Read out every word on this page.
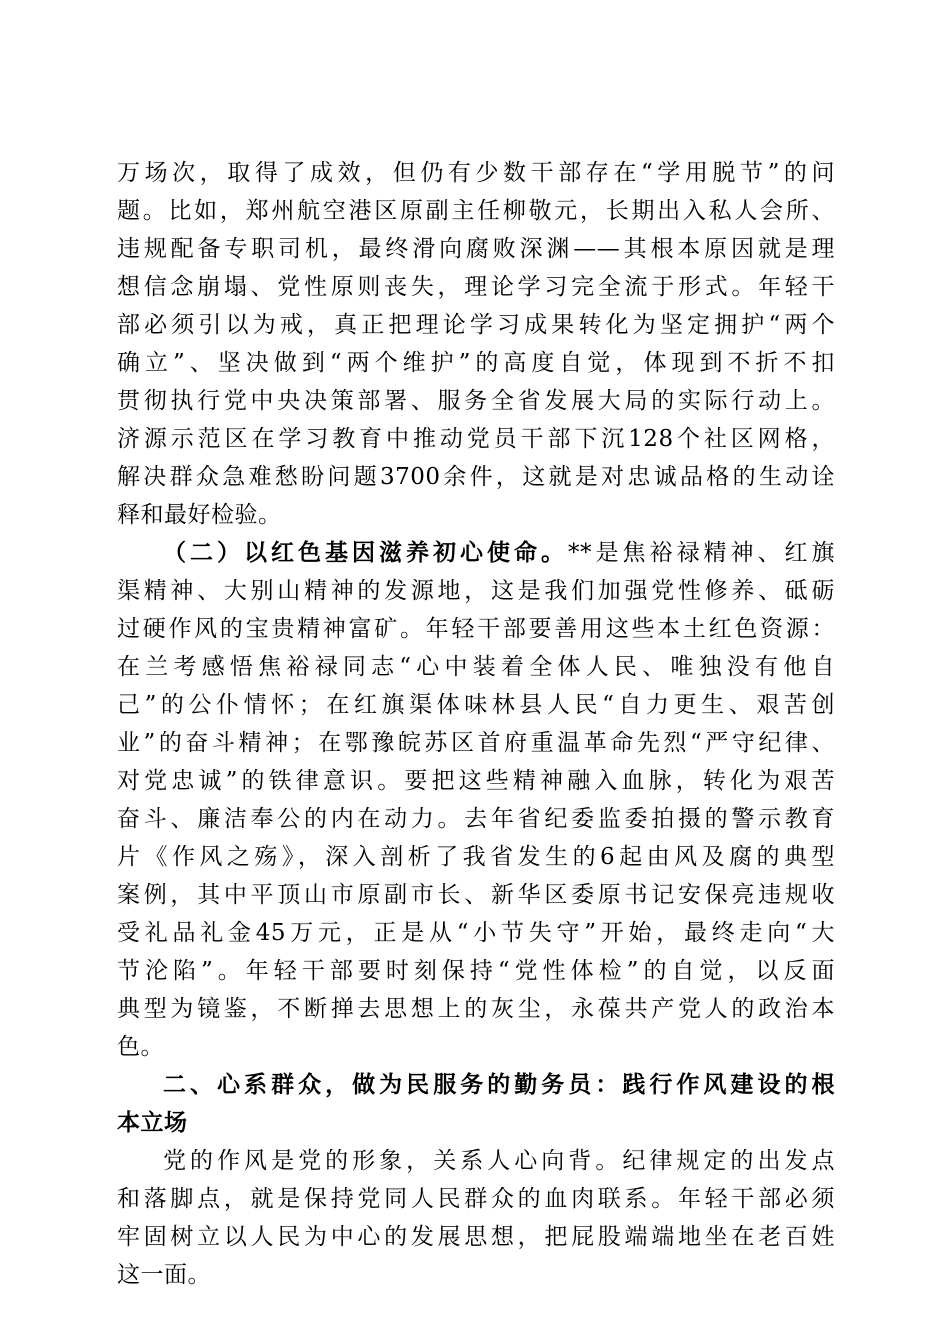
万场次，取得了成效，但仍有少数干部存在“学用脱节”的问
题。比如，郑州航空港区原副主任柳敬元，长期出入私人会所、
违规配备专职司机，最终滑向腐败深渊——其根本原因就是理
想信念崩塌、党性原则丧失，理论学习完全流于形式。年轻干
部必须引以为戒，真正把理论学习成果转化为坚定拥护“两个
确立”、坚决做到“两个维护”的高度自觉，体现到不折不扣
贯彻执行党中央决策部署、服务全省发展大局的实际行动上。
济源示范区在学习教育中推动党员干部下沉128个社区网格，
解决群众急难愁盼问题3700余件，这就是对忠诚品格的生动诠
释和最好检验。
（二）以红色基因滋养初心使命。**是焦裕禄精神、红旗
渠精神、大别山精神的发源地，这是我们加强党性修养、砥砺
过硬作风的宝贵精神富矿。年轻干部要善用这些本土红色资源：
在兰考感悟焦裕禄同志“心中装着全体人民、唯独没有他自
己”的公仆情怀；在红旗渠体味林县人民“自力更生、艰苦创
业”的奋斗精神；在鄂豫皖苏区首府重温革命先烈“严守纪律、
对党忠诚”的铁律意识。要把这些精神融入血脉，转化为艰苦
奋斗、廉洁奉公的内在动力。去年省纪委监委拍摄的警示教育
片《作风之殇》，深入剖析了我省发生的6起由风及腐的典型
案例，其中平顶山市原副市长、新华区委原书记安保亮违规收
受礼品礼金45万元，正是从“小节失守”开始，最终走向“大
节沦陷”。年轻干部要时刻保持“党性体检”的自觉，以反面
典型为镜鉴，不断掸去思想上的灰尘，永葆共产党人的政治本
色。
二、心系群众，做为民服务的勤务员：践行作风建设的根
本立场
党的作风是党的形象，关系人心向背。纪律规定的出发点
和落脚点，就是保持党同人民群众的血肉联系。年轻干部必须
牢固树立以人民为中心的发展思想，把屁股端端地坐在老百姓
这一面。
